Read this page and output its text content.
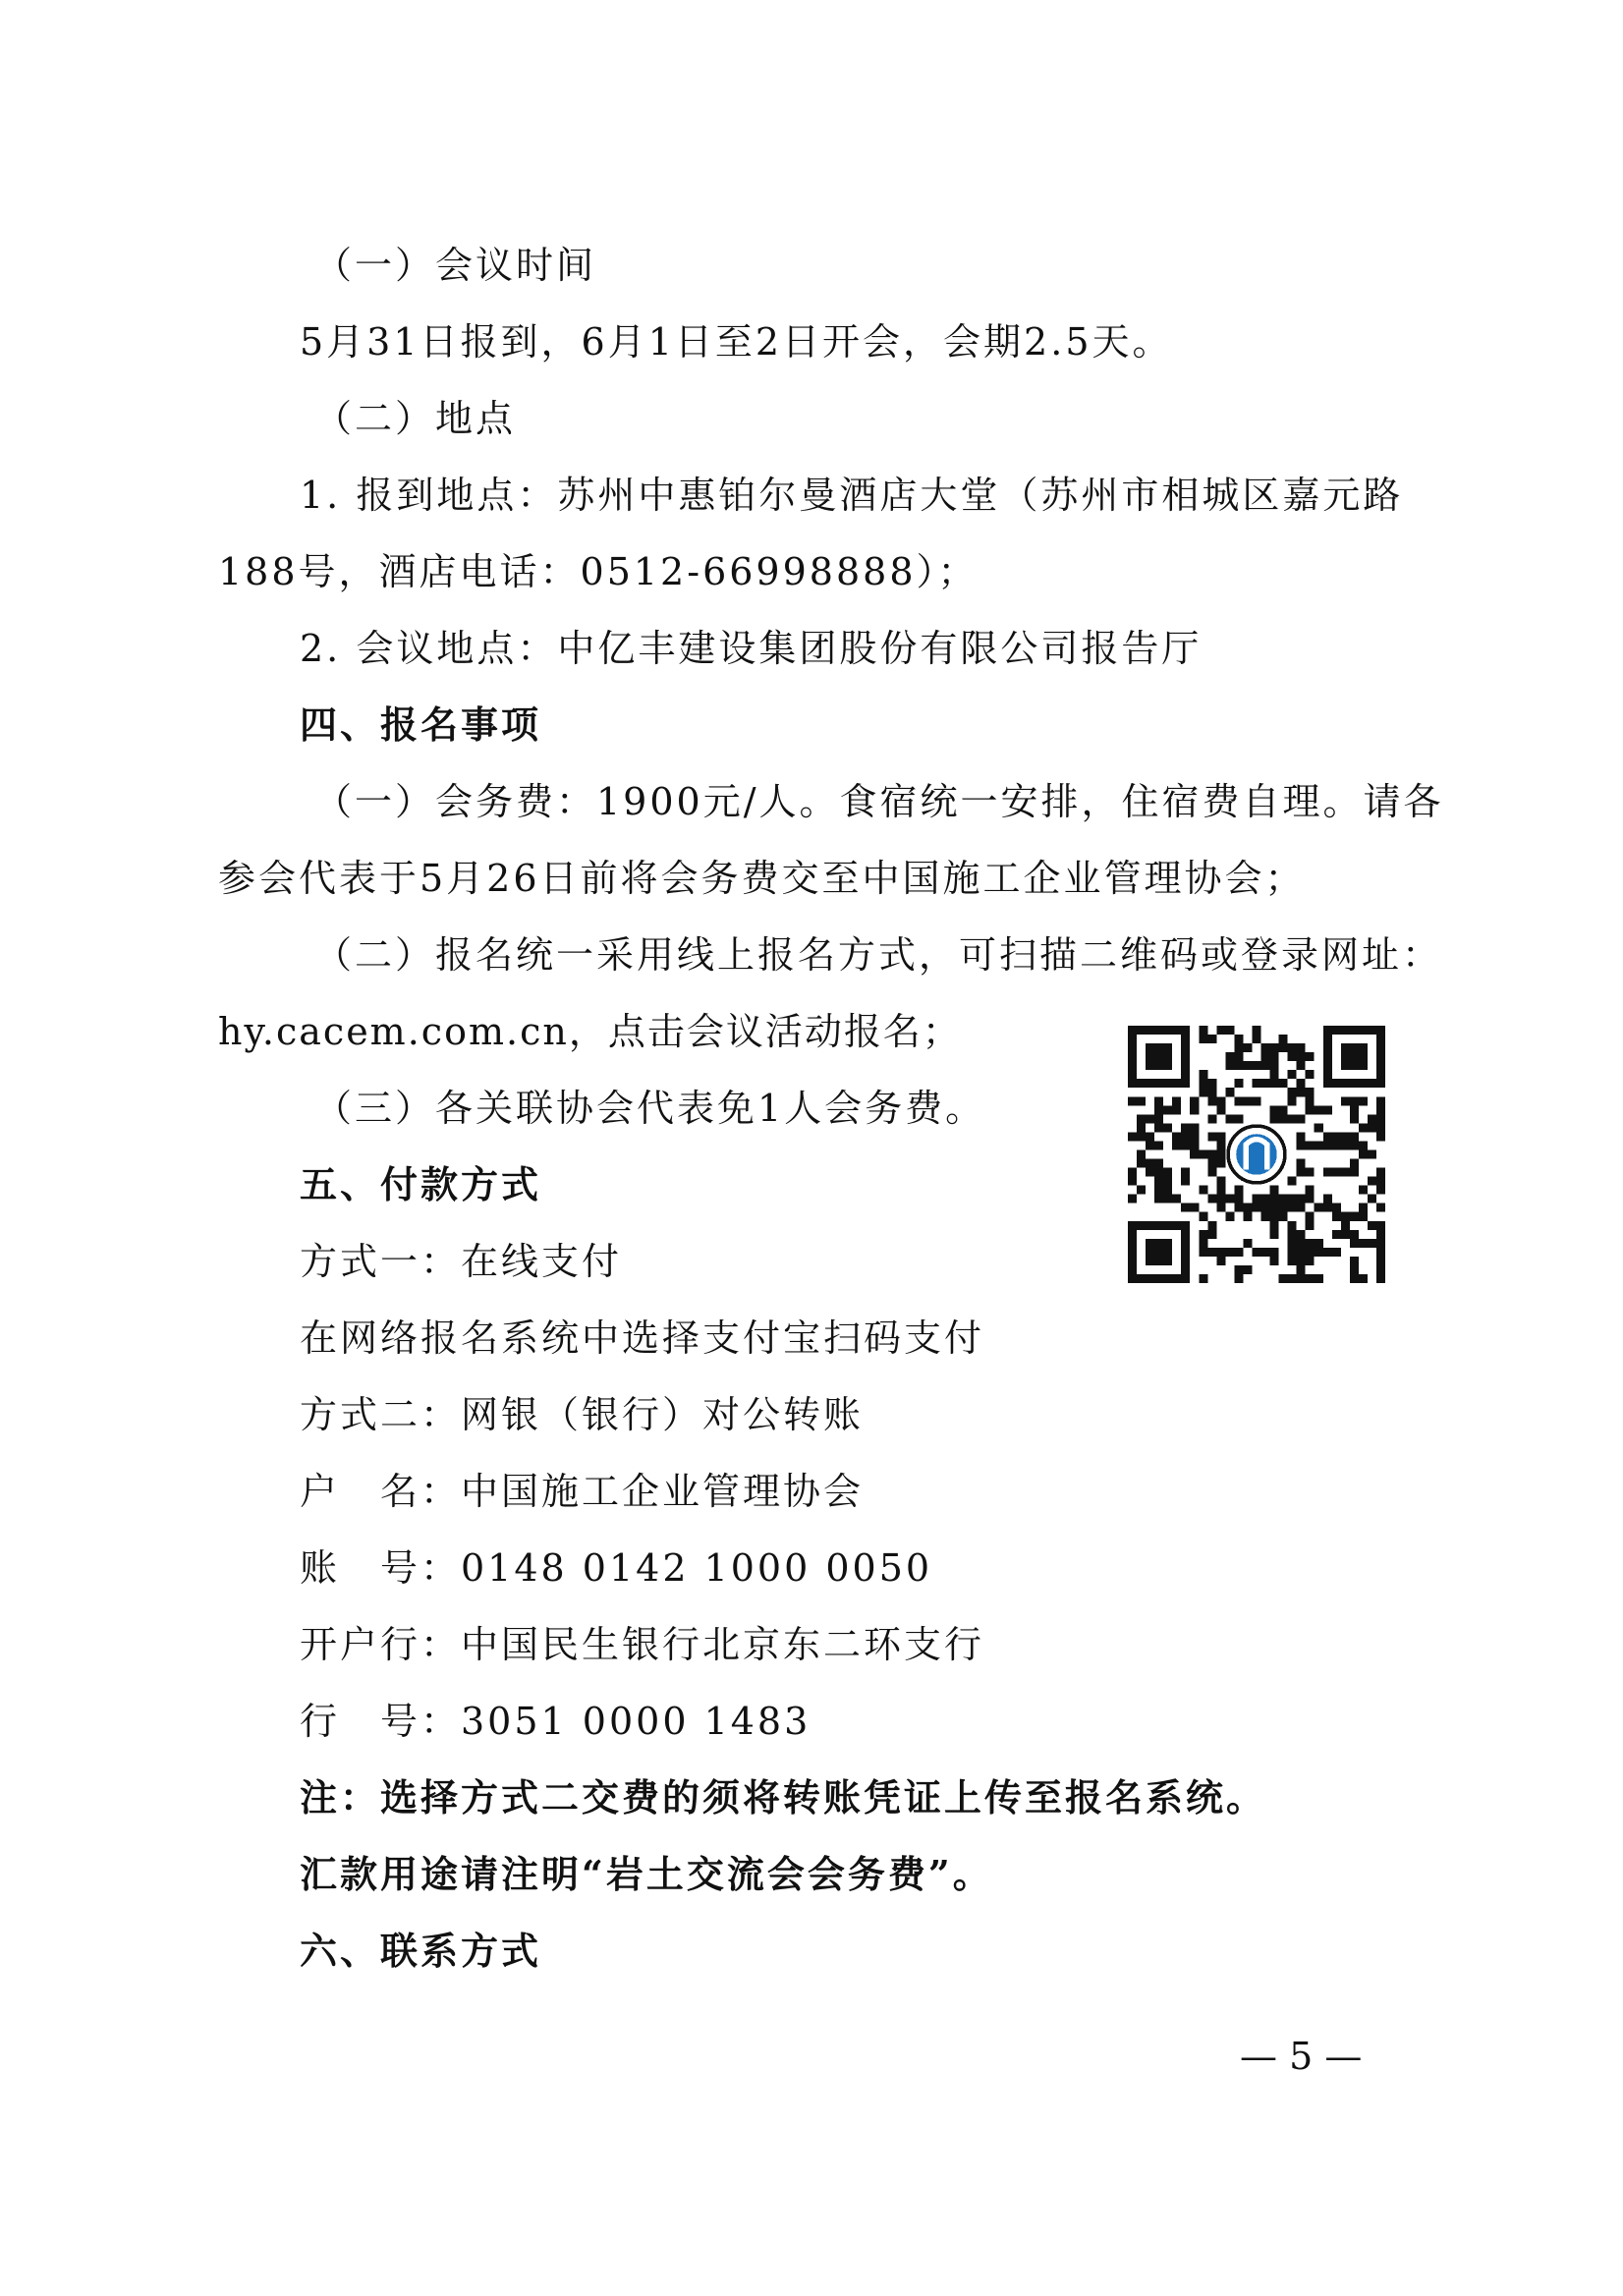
（一）会议时间
5月31日报到，6月1日至2日开会，会期2.5天。
（二）地点
1. 报到地点：苏州中惠铂尔曼酒店大堂（苏州市相城区嘉元路
188号，酒店电话：0512-66998888）；
2. 会议地点：中亿丰建设集团股份有限公司报告厅
四、报名事项
（一）会务费：1900元/人。食宿统一安排，住宿费自理。请各
参会代表于5月26日前将会务费交至中国施工企业管理协会；
（二）报名统一采用线上报名方式，可扫描二维码或登录网址：
hy.cacem.com.cn，点击会议活动报名；
（三）各关联协会代表免1人会务费。
五、付款方式
方式一：在线支付
在网络报名系统中选择支付宝扫码支付
方式二：网银（银行）对公转账
户　名：中国施工企业管理协会
账　号：0148 0142 1000 0050
开户行：中国民生银行北京东二环支行
行　号：3051 0000 1483
注：选择方式二交费的须将转账凭证上传至报名系统。
汇款用途请注明“岩土交流会会务费”。
六、联系方式
— 5 —
